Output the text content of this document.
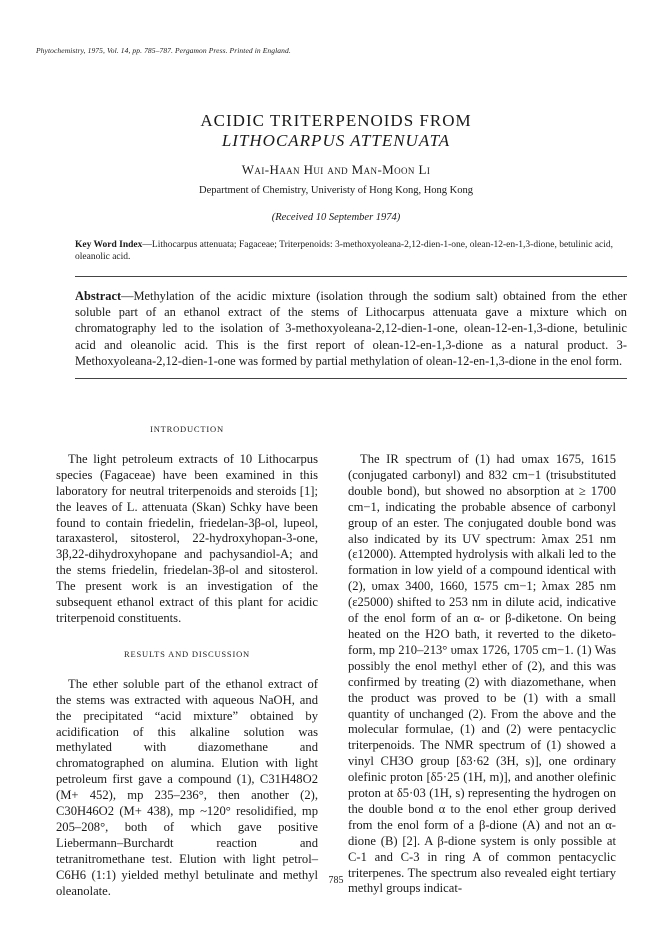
Phytochemistry, 1975, Vol. 14, pp. 785–787. Pergamon Press. Printed in England.
ACIDIC TRITERPENOIDS FROM
LITHOCARPUS ATTENUATA
Wai-Haan Hui and Man-Moon Li
Department of Chemistry, Univeristy of Hong Kong, Hong Kong
(Received 10 September 1974)
Key Word Index—Lithocarpus attenuata; Fagaceae; Triterpenoids: 3-methoxyoleana-2,12-dien-1-one, olean-12-en-1,3-dione, betulinic acid, oleanolic acid.
Abstract—Methylation of the acidic mixture (isolation through the sodium salt) obtained from the ether soluble part of an ethanol extract of the stems of Lithocarpus attenuata gave a mixture which on chromatography led to the isolation of 3-methoxyoleana-2,12-dien-1-one, olean-12-en-1,3-dione, betulinic acid and oleanolic acid. This is the first report of olean-12-en-1,3-dione as a natural product. 3-Methoxyoleana-2,12-dien-1-one was formed by partial methylation of olean-12-en-1,3-dione in the enol form.
INTRODUCTION

The light petroleum extracts of 10 Lithocarpus species (Fagaceae) have been examined in this laboratory for neutral triterpenoids and steroids [1]; the leaves of L. attenuata (Skan) Schky have been found to contain friedelin, friedelan-3β-ol, lupeol, taraxasterol, sitosterol, 22-hydroxyhopan-3-one, 3β,22-dihydroxyhopane and pachysandiol-A; and the stems friedelin, friedelan-3β-ol and sitosterol. The present work is an investigation of the subsequent ethanol extract of this plant for acidic triterpenoid constituents.

RESULTS AND DISCUSSION

The ether soluble part of the ethanol extract of the stems was extracted with aqueous NaOH, and the precipitated “acid mixture” obtained by acidification of this alkaline solution was methylated with diazomethane and chromatographed on alumina. Elution with light petroleum first gave a compound (1), C31H48O2 (M+ 452), mp 235–236°, then another (2), C30H46O2 (M+ 438), mp ~120° resolidified, mp 205–208°, both of which gave positive Liebermann–Burchardt reaction and tetranitromethane test. Elution with light petrol–C6H6 (1:1) yielded methyl betulinate and methyl oleanolate.

The IR spectrum of (1) had υmax 1675, 1615 (conjugated carbonyl) and 832 cm−1 (trisubstituted double bond), but showed no absorption at ≥ 1700 cm−1, indicating the probable absence of carbonyl group of an ester. The conjugated double bond was also indicated by its UV spectrum: λmax 251 nm (ε12000). Attempted hydrolysis with alkali led to the formation in low yield of a compound identical with (2), υmax 3400, 1660, 1575 cm−1; λmax 285 nm (ε25000) shifted to 253 nm in dilute acid, indicative of the enol form of an α- or β-diketone. On being heated on the H2O bath, it reverted to the diketo-form, mp 210–213° υmax 1726, 1705 cm−1. (1) Was possibly the enol methyl ether of (2), and this was confirmed by treating (2) with diazomethane, when the product was proved to be (1) with a small quantity of unchanged (2). From the above and the molecular formulae, (1) and (2) were pentacyclic triterpenoids. The NMR spectrum of (1) showed a vinyl CH3O group [δ3·62 (3H, s)], one ordinary olefinic proton [δ5·25 (1H, m)], and another olefinic proton at δ5·03 (1H, s) representing the hydrogen on the double bond α to the enol ether group derived from the enol form of a β-dione (A) and not an α-dione (B) [2]. A β-dione system is only possible at C-1 and C-3 in ring A of common pentacyclic triterpenes. The spectrum also revealed eight tertiary methyl groups indicat-

785
